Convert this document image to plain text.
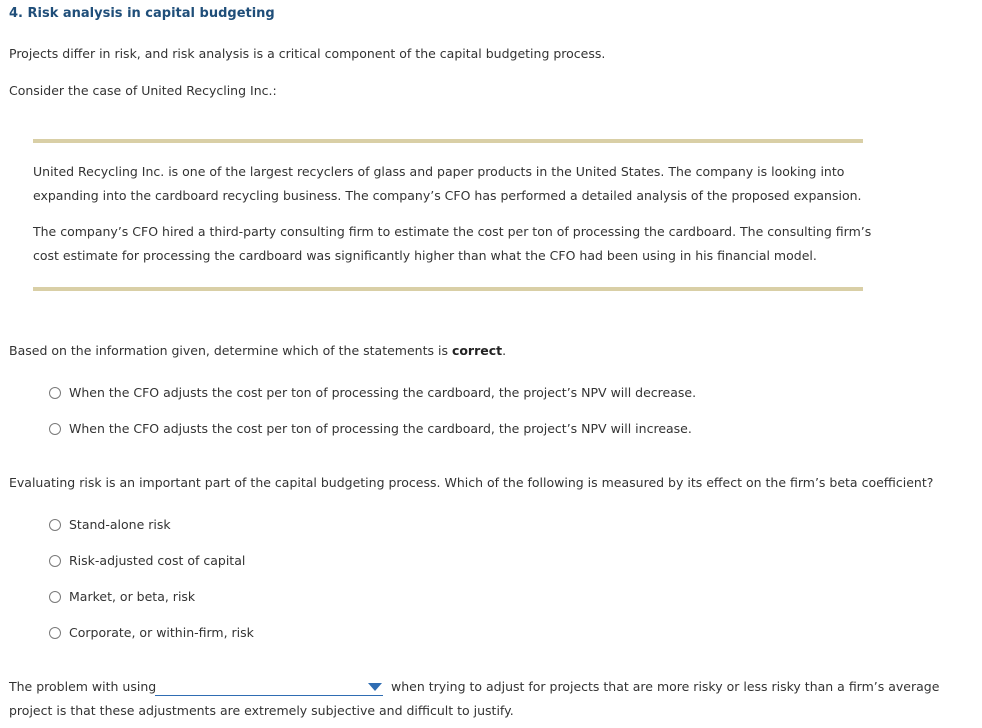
4. Risk analysis in capital budgeting
Projects differ in risk, and risk analysis is a critical component of the capital budgeting process.
Consider the case of United Recycling Inc.:
United Recycling Inc. is one of the largest recyclers of glass and paper products in the United States. The company is looking into
expanding into the cardboard recycling business. The company’s CFO has performed a detailed analysis of the proposed expansion.
The company’s CFO hired a third-party consulting firm to estimate the cost per ton of processing the cardboard. The consulting firm’s
cost estimate for processing the cardboard was significantly higher than what the CFO had been using in his financial model.
Based on the information given, determine which of the statements is correct.
When the CFO adjusts the cost per ton of processing the cardboard, the project’s NPV will decrease.
When the CFO adjusts the cost per ton of processing the cardboard, the project’s NPV will increase.
Evaluating risk is an important part of the capital budgeting process. Which of the following is measured by its effect on the firm’s beta coefficient?
Stand-alone risk
Risk-adjusted cost of capital
Market, or beta, risk
Corporate, or within-firm, risk
The problem with using	when trying to adjust for projects that are more risky or less risky than a firm’s average
project is that these adjustments are extremely subjective and difficult to justify.
